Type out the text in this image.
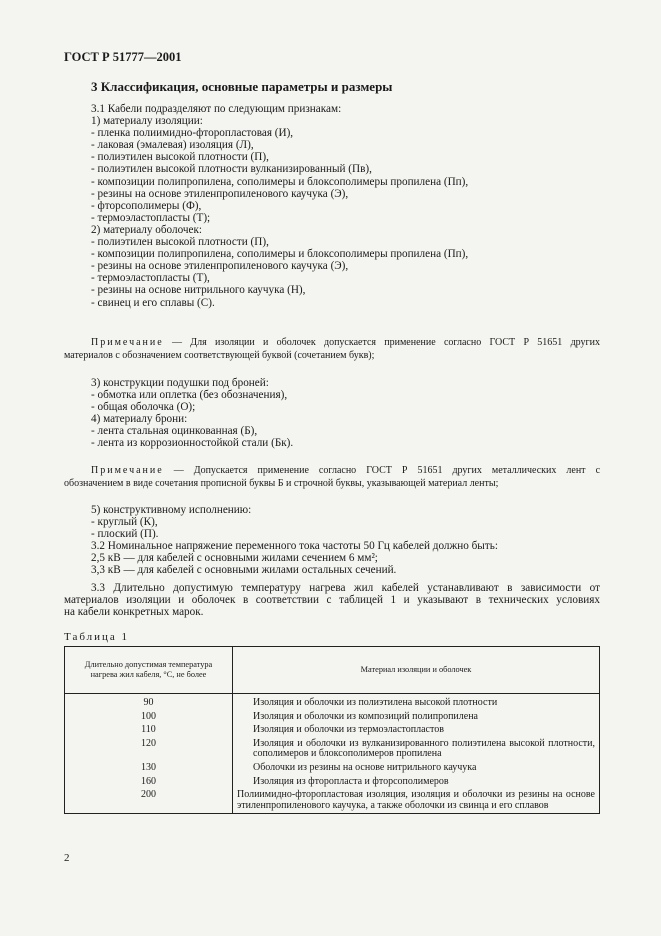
ГОСТ Р 51777—2001
3 Классификация, основные параметры и размеры
3.1 Кабели подразделяют по следующим признакам:
1) материалу изоляции:
- пленка полиимидно-фторопластовая (И),
- лаковая (эмалевая) изоляция (Л),
- полиэтилен высокой плотности (П),
- полиэтилен высокой плотности вулканизированный (Пв),
- композиции полипропилена, сополимеры и блоксополимеры пропилена (Пп),
- резины на основе этиленпропиленового каучука (Э),
- фторсополимеры (Ф),
- термоэластопласты (Т);
2) материалу оболочек:
- полиэтилен высокой плотности (П),
- композиции полипропилена, сополимеры и блоксополимеры пропилена (Пп),
- резины на основе этиленпропиленового каучука (Э),
- термоэластопласты (Т),
- резины на основе нитрильного каучука (Н),
- свинец и его сплавы (С).
Примечание — Для изоляции и оболочек допускается применение согласно ГОСТ Р 51651 других
материалов с обозначением соответствующей буквой (сочетанием букв);
3) конструкции подушки под броней:
- обмотка или оплетка (без обозначения),
- общая оболочка (О);
4) материалу брони:
- лента стальная оцинкованная (Б),
- лента из коррозионностойкой стали (Бк).
Примечание — Допускается применение согласно ГОСТ Р 51651 других металлических лент с
обозначением в виде сочетания прописной буквы Б и строчной буквы, указывающей материал ленты;
5) конструктивному исполнению:
- круглый (К),
- плоский (П).
3.2 Номинальное напряжение переменного тока частоты 50 Гц кабелей должно быть:
2,5 кВ — для кабелей с основными жилами сечением 6 мм²;
3,3 кВ — для кабелей с основными жилами остальных сечений.
3.3 Длительно допустимую температуру нагрева жил кабелей устанавливают в зависимости от
материалов изоляции и оболочек в соответствии с таблицей 1 и указывают в технических условиях
на кабели конкретных марок.
Таблица 1
Длительно допустимая температура нагрева жил кабеля, °С, не более	Материал изоляции и оболочек
90	Изоляция и оболочки из полиэтилена высокой плотности
100	Изоляция и оболочки из композиций полипропилена
110	Изоляция и оболочки из термоэластопластов
120	Изоляция и оболочки из вулканизированного полиэтилена высокой плотности, сополимеров и блоксополимеров пропилена
130	Оболочки из резины на основе нитрильного каучука
160	Изоляция из фторопласта и фторсополимеров
200	Полиимидно-фторопластовая изоляция, изоляция и оболочки из резины на основе этиленпропиленового каучука, а также оболочки из свинца и его сплавов
2
